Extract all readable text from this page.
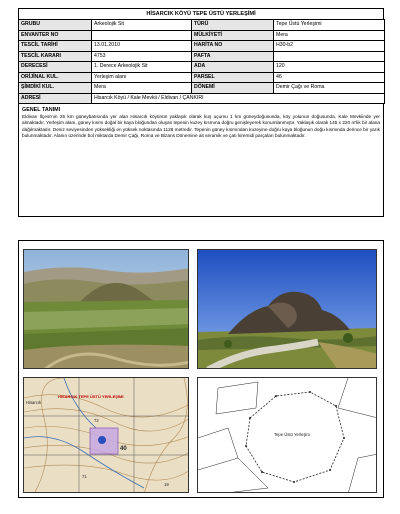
HİSARCIK KÖYÜ TEPE ÜSTÜ YERLEŞİMİ
GRUBU	Arkeolojik Sit	TÜRÜ	Tepe Üstü Yerleşimi
ENVANTER NO		MÜLKİYETİ	Mera
TESCİL TARİHİ	13.01.2010	HARİTA NO	H30-b2
TESCİL KARARI	4753	PAFTA	
DERECESİ	1. Derece Arkeolojik Sit	ADA	120
ORİJİNAL KUL.	Yerleşim alanı	PARSEL	46
ŞİMDİKİ KUL.	Mera	DÖNEMİ	Demir Çağı ve Roma
ADRESİ	Hisarcık Köyü / Kale Mevkii / Eldivan / ÇANKIRI		
GENEL TANIMI
Eldivan İlçesi'nin 25 km güneybatısında yer alan Hisarcık köyünün yaklaşık olarak kuş uçumu 1 km güneydoğusunda, köy yolunun doğusunda, Kale Mevkiinde yer almaktadır. Yerleşim alanı, güney kısmı doğal bir kaya bloğundan oluşan tepenin kuzey kısmına doğru genişleyerek konumlanmıştır. Yaklaşık olarak 145 x 220 m'lik bir alana dağılmaktadır. Deniz seviyesinden yüksekliği en yüksek noktasında 1128 metredir. Tepenin güney kısmından kuzeyine doğru kaya bloğunun doğu kısmında derince bir yarık bulunmaktadır. Alanın üzerinde bol miktarda Demir Çağı, Roma ve Bizans Dönemine ait seramik ve çatı kiremidi parçaları bulunmaktadır.
HİSARCIK TEPE ÜSTÜ YERLEŞİMİ
Hisarcık
72
40
71
19
Tepe Üstü Yerleşim
